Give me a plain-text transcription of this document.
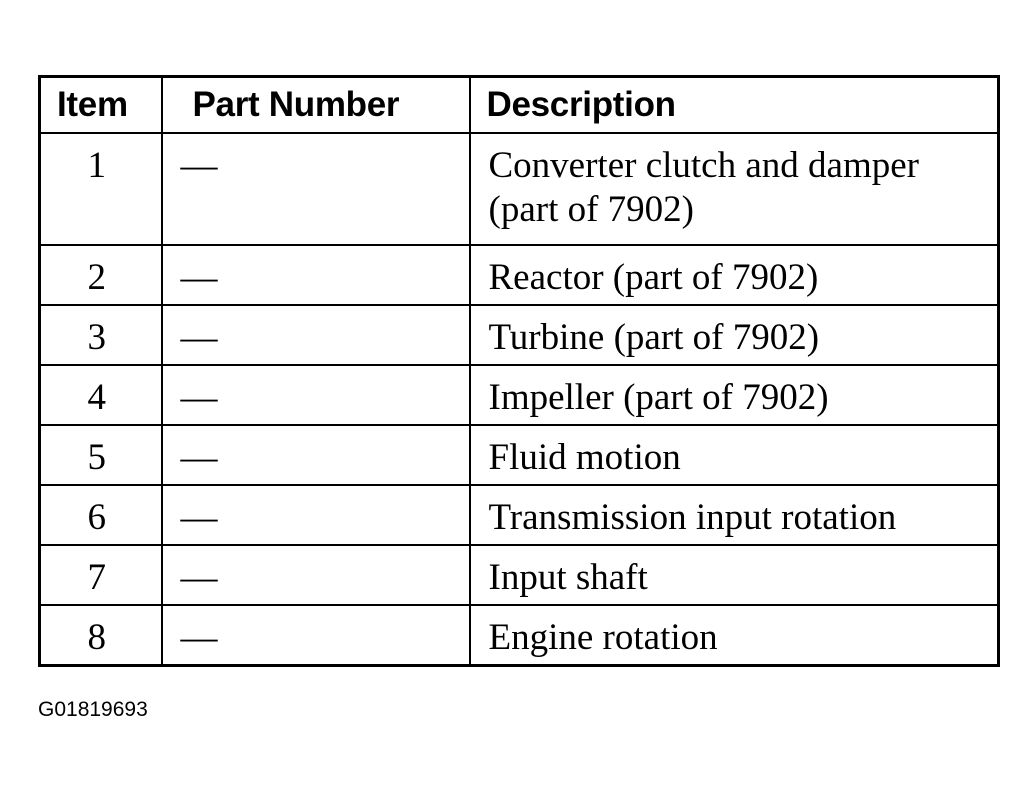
Item	Part Number	Description
1	—	Converter clutch and damper (part of 7902)
2	—	Reactor (part of 7902)
3	—	Turbine (part of 7902)
4	—	Impeller (part of 7902)
5	—	Fluid motion
6	—	Transmission input rotation
7	—	Input shaft
8	—	Engine rotation
G01819693
